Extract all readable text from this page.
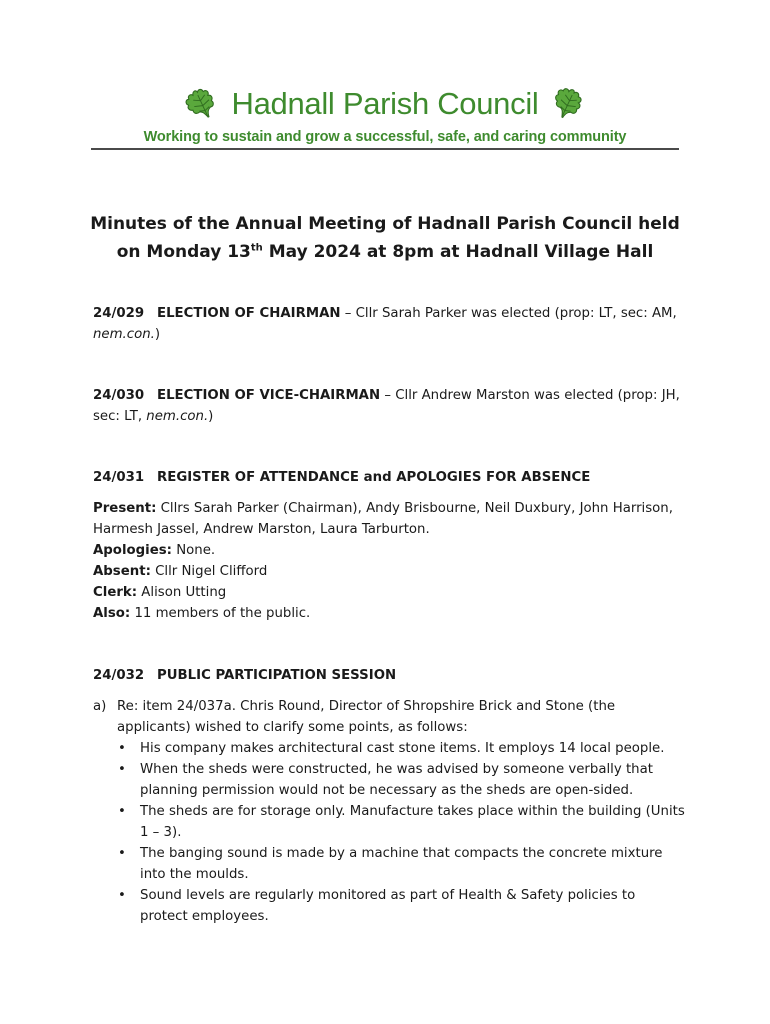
Hadnall Parish Council
Working to sustain and grow a successful, safe, and caring community
Minutes of the Annual Meeting of Hadnall Parish Council held
on Monday 13th May 2024 at 8pm at Hadnall Village Hall
24/029 ELECTION OF CHAIRMAN – Cllr Sarah Parker was elected (prop: LT, sec: AM, nem.con.)
24/030 ELECTION OF VICE-CHAIRMAN – Cllr Andrew Marston was elected (prop: JH, sec: LT, nem.con.)
24/031 REGISTER OF ATTENDANCE and APOLOGIES FOR ABSENCE
Present: Cllrs Sarah Parker (Chairman), Andy Brisbourne, Neil Duxbury, John Harrison, Harmesh Jassel, Andrew Marston, Laura Tarburton.
Apologies: None.
Absent: Cllr Nigel Clifford
Clerk: Alison Utting
Also: 11 members of the public.
24/032 PUBLIC PARTICIPATION SESSION
a) Re: item 24/037a. Chris Round, Director of Shropshire Brick and Stone (the applicants) wished to clarify some points, as follows:
• His company makes architectural cast stone items. It employs 14 local people.
• When the sheds were constructed, he was advised by someone verbally that planning permission would not be necessary as the sheds are open-sided.
• The sheds are for storage only. Manufacture takes place within the building (Units 1 – 3).
• The banging sound is made by a machine that compacts the concrete mixture into the moulds.
• Sound levels are regularly monitored as part of Health & Safety policies to protect employees.
